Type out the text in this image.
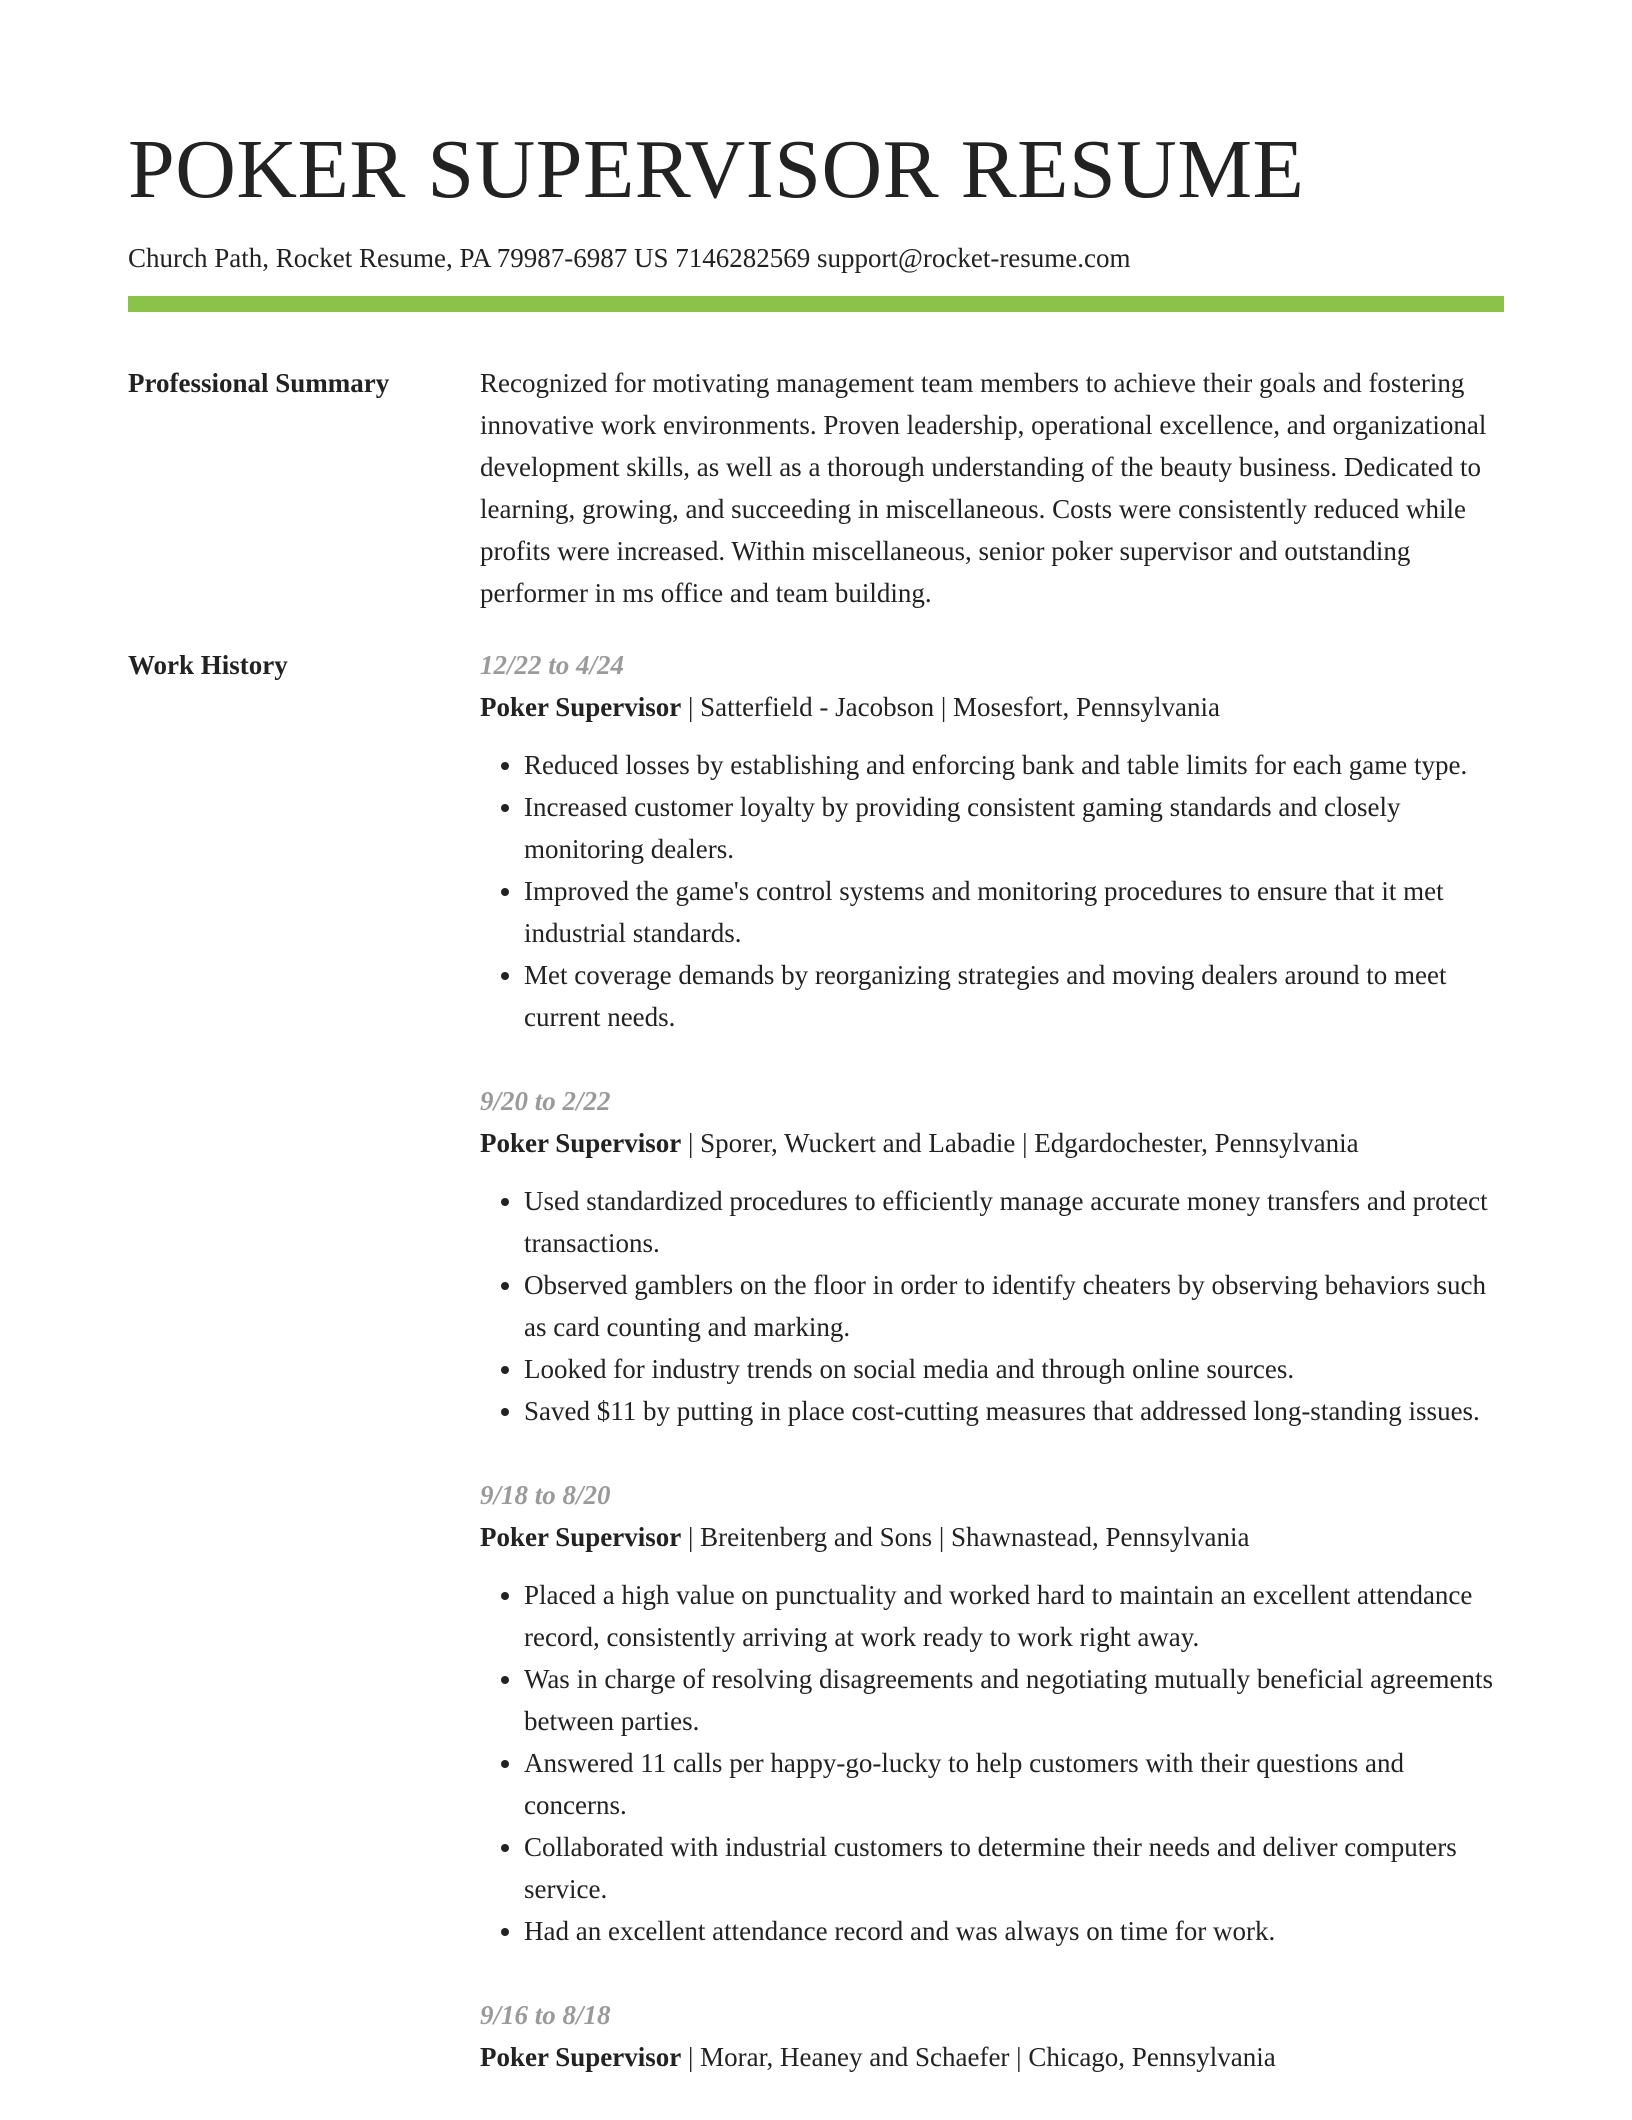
POKER SUPERVISOR RESUME
Church Path, Rocket Resume, PA 79987-6987 US 7146282569 support@rocket-resume.com
Professional Summary	Recognized for motivating management team members to achieve their goals and fostering innovative work environments. Proven leadership, operational excellence, and organizational development skills, as well as a thorough understanding of the beauty business. Dedicated to learning, growing, and succeeding in miscellaneous. Costs were consistently reduced while profits were increased. Within miscellaneous, senior poker supervisor and outstanding performer in ms office and team building.

Work History	12/22 to 4/24
Poker Supervisor | Satterfield - Jacobson | Mosesfort, Pennsylvania
• Reduced losses by establishing and enforcing bank and table limits for each game type.
• Increased customer loyalty by providing consistent gaming standards and closely monitoring dealers.
• Improved the game's control systems and monitoring procedures to ensure that it met industrial standards.
• Met coverage demands by reorganizing strategies and moving dealers around to meet current needs.
9/20 to 2/22
Poker Supervisor | Sporer, Wuckert and Labadie | Edgardochester, Pennsylvania
• Used standardized procedures to efficiently manage accurate money transfers and protect transactions.
• Observed gamblers on the floor in order to identify cheaters by observing behaviors such as card counting and marking.
• Looked for industry trends on social media and through online sources.
• Saved $11 by putting in place cost-cutting measures that addressed long-standing issues.
9/18 to 8/20
Poker Supervisor | Breitenberg and Sons | Shawnastead, Pennsylvania
• Placed a high value on punctuality and worked hard to maintain an excellent attendance record, consistently arriving at work ready to work right away.
• Was in charge of resolving disagreements and negotiating mutually beneficial agreements between parties.
• Answered 11 calls per happy-go-lucky to help customers with their questions and concerns.
• Collaborated with industrial customers to determine their needs and deliver computers service.
• Had an excellent attendance record and was always on time for work.
9/16 to 8/18
Poker Supervisor | Morar, Heaney and Schaefer | Chicago, Pennsylvania
